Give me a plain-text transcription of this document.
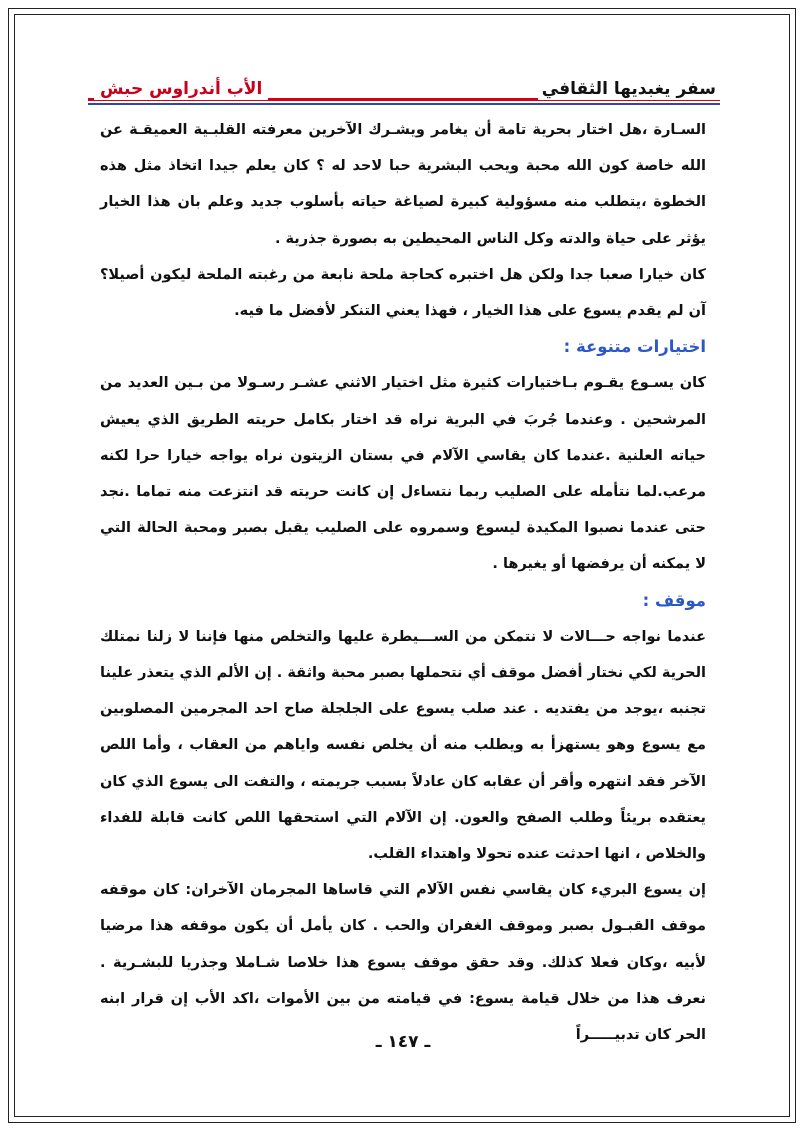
سفر يغبديها الثقافي
الأب أندراوس حبش

السـارة ،هل اختار بحرية تامة أن يغامر ويشـرك الآخرين معرفته القلبـية العميقـة عن الله خاصة كون الله محبة ويحب البشرية حبا لاحد له ؟ كان يعلم جيدا اتخاذ مثل هذه الخطوة ،يتطلب منه مسؤولية كبيرة لصياغة حياته بأسلوب جديد وعلم بان هذا الخيار يؤثر على حياة والدته وكل الناس المحيطين به بصورة جذرية .

كان خيارا صعبا جدا ولكن هل اختبره كحاجة ملحة نابعة من رغبته الملحة ليكون أصيلا؟ آن لم يقدم يسوع على هذا الخيار ، فهذا يعني التنكر لأفضل ما فيه.

اختيارات متنوعة :

كان يسـوع يقـوم بـاختيارات كثيرة مثل اختيار الاثني عشـر رسـولا من بـين العديد من المرشحين . وعندما جُربَ في البرية نراه قد اختار بكامل حريته الطريق الذي يعيش حياته العلنية .عندما كان يقاسي الآلام في بستان الزيتون نراه يواجه خيارا حرا لكنه مرعب.لما نتأمله على الصليب ربما نتساءل إن كانت حريته قد انتزعت منه تماما .نجد حتى عندما نصبوا المكيدة ليسوع وسمروه على الصليب يقبل بصبر ومحبة الحالة التي لا يمكنه أن يرفضها أو يغيرها .

موقف :

عندما نواجه حـــالات لا نتمكن من الســـيطرة عليها والتخلص منها فإننا لا زلنا نمتلك الحرية لكي نختار أفضل موقف أي نتحملها بصبر محبة واثقة . إن الألم الذي يتعذر علينا تجنبه ،يوجد من يفتديه . عند صلب يسوع على الجلجلة صاح احد المجرمين المصلوبين مع يسوع وهو يستهزأ به ويطلب منه أن يخلص نفسه واياهم من العقاب ، وأما اللص الآخر فقد انتهره وأقر أن عقابه كان عادلاً بسبب جريمته ، والتفت الى يسوع الذي كان يعتقده بريئاً وطلب الصفح والعون. إن الآلام التي استحقها اللص كانت قابلة للفداء والخلاص ، انها احدثت عنده تحولا واهتداء القلب.

إن يسوع البريء كان يقاسي نفس الآلام التي قاساها المجرمان الآخران: كان موقفه موقف القبـول بصبر وموقف الغفران والحب . كان يأمل أن يكون موقفه هذا مرضيا لأبيه ،وكان فعلا كذلك. وقد حقق موقف يسوع هذا خلاصا شـاملا وجذريا للبشـرية . نعرف هذا من خلال قيامة يسوع: في قيامته من بين الأموات ،اكد الأب إن قرار ابنه الحر كان تدبيـــــراً

ـ ١٤٧ ـ
